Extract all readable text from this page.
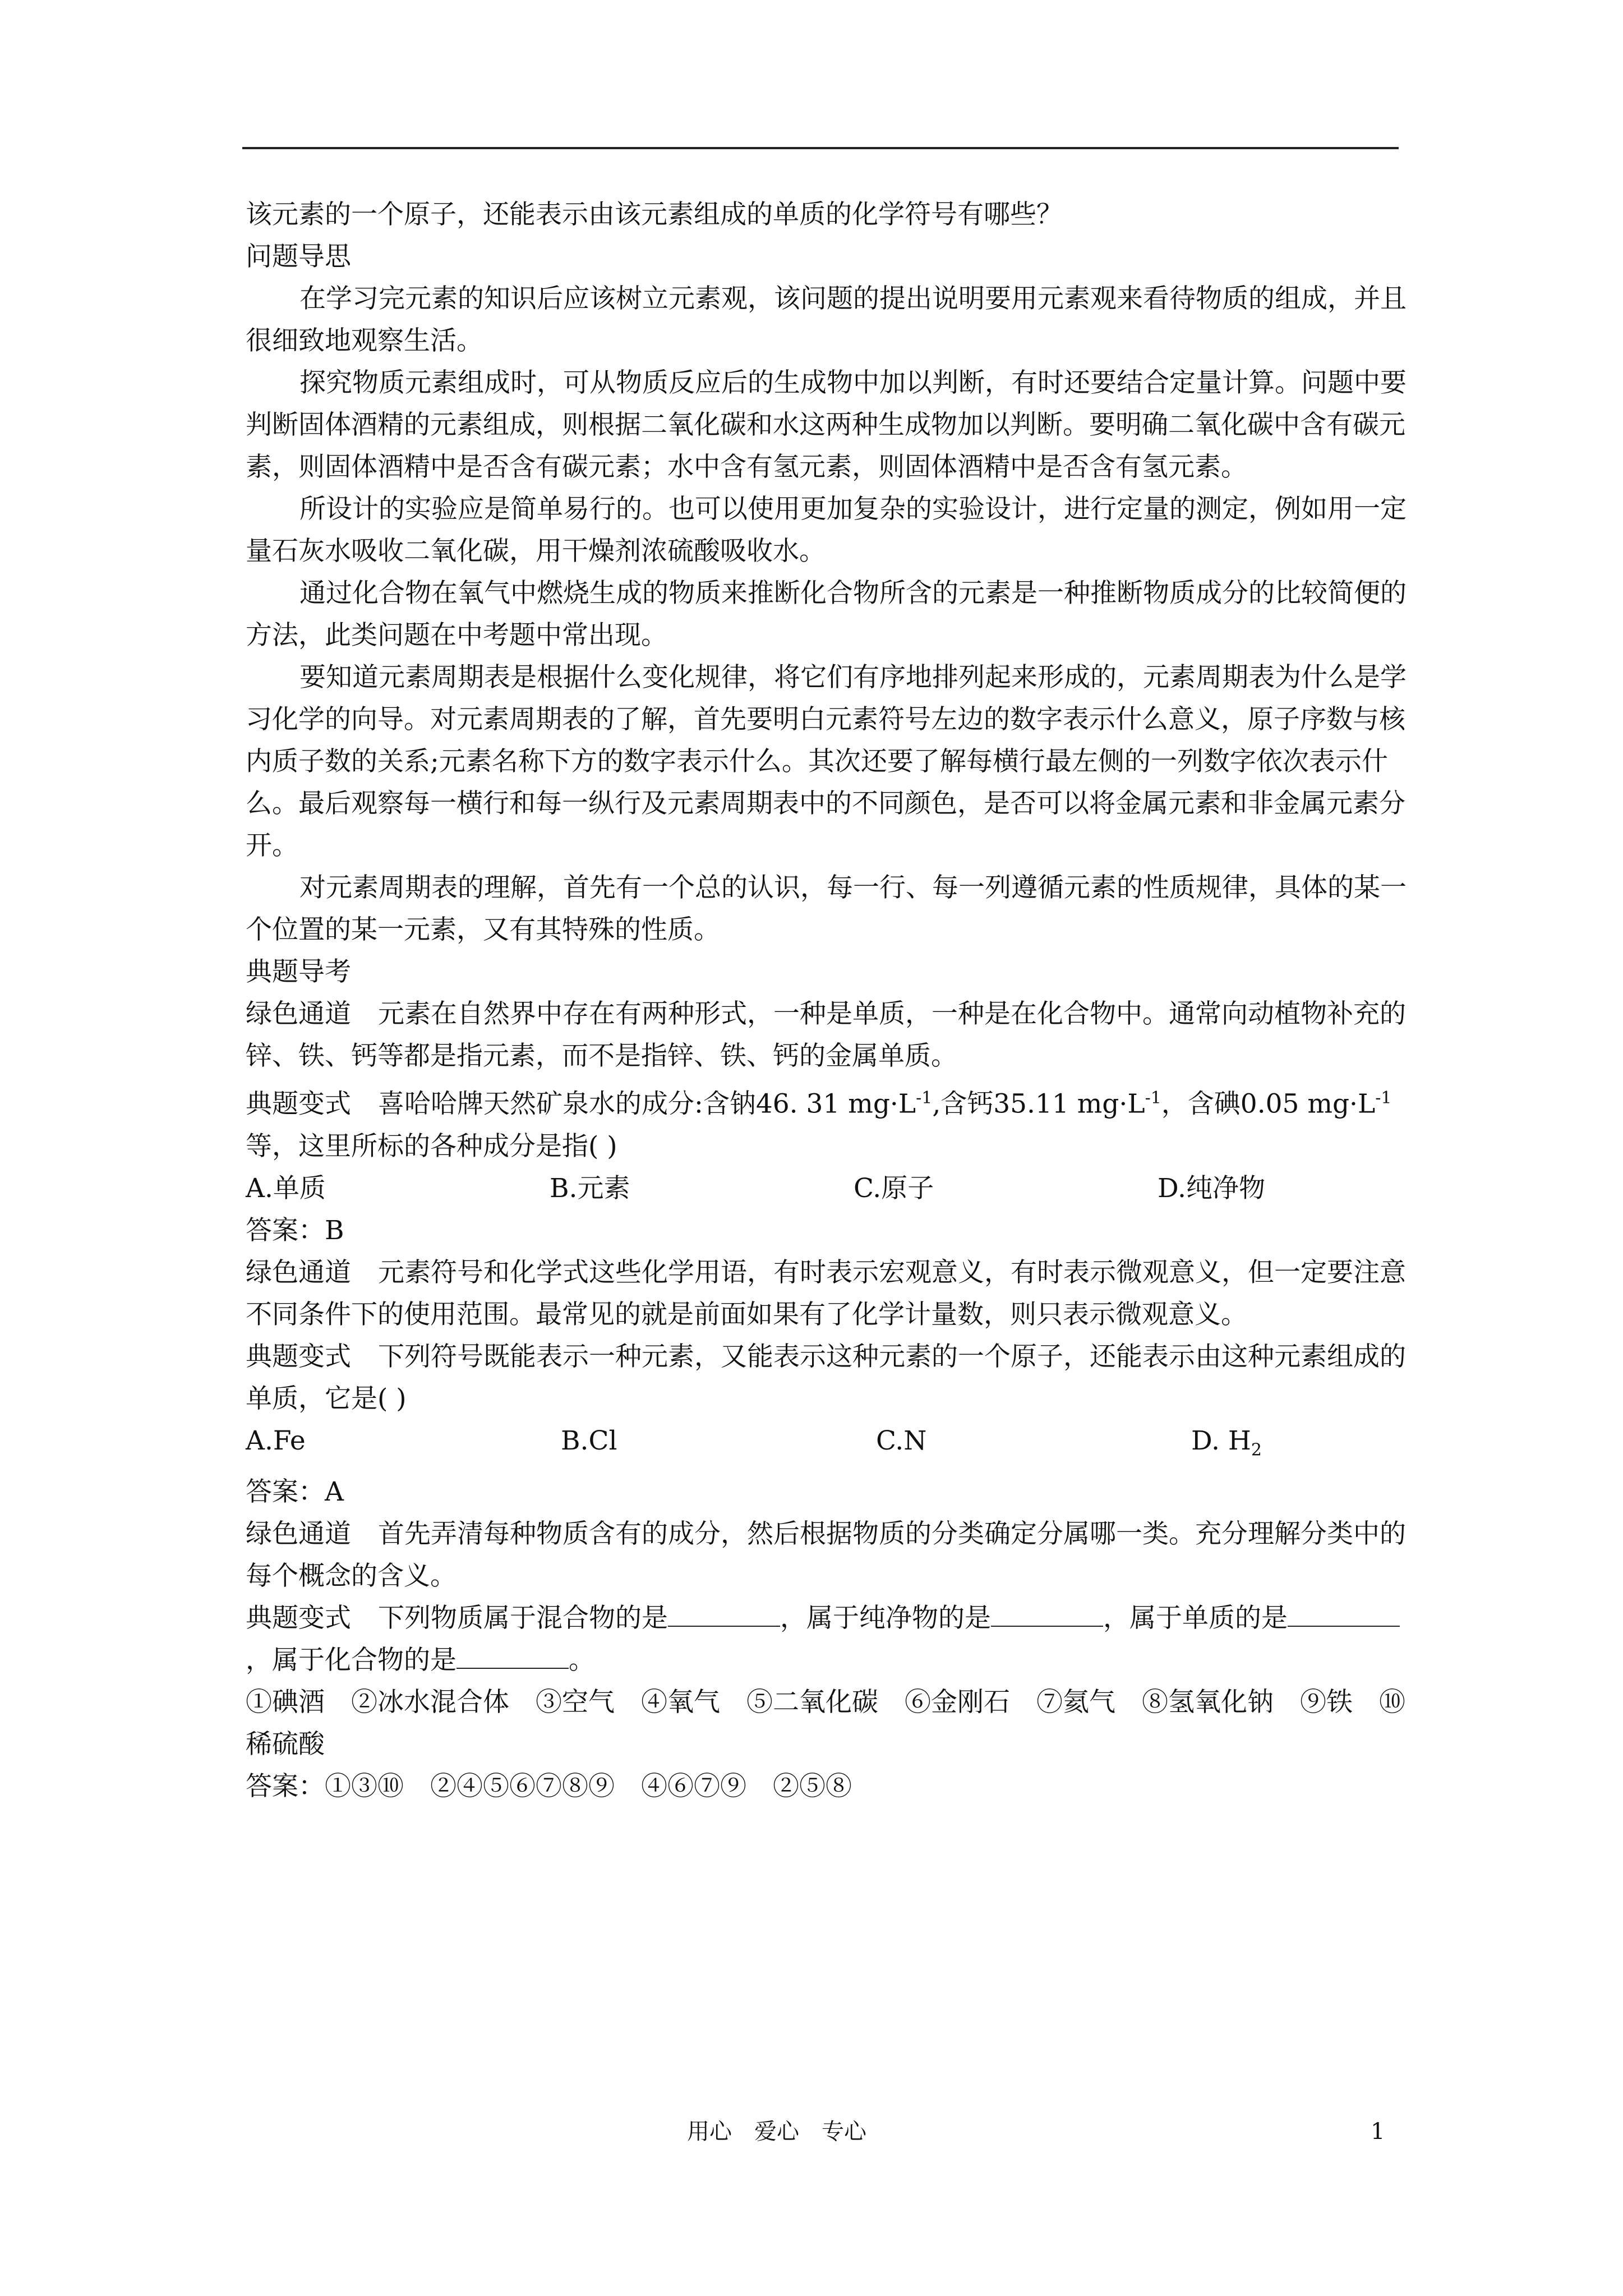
该元素的一个原子，还能表示由该元素组成的单质的化学符号有哪些？

问题导思

在学习完元素的知识后应该树立元素观，该问题的提出说明要用元素观来看待物质的组成，并且很细致地观察生活。

探究物质元素组成时，可从物质反应后的生成物中加以判断，有时还要结合定量计算。问题中要判断固体酒精的元素组成，则根据二氧化碳和水这两种生成物加以判断。要明确二氧化碳中含有碳元素，则固体酒精中是否含有碳元素；水中含有氢元素，则固体酒精中是否含有氢元素。

所设计的实验应是简单易行的。也可以使用更加复杂的实验设计，进行定量的测定，例如用一定量石灰水吸收二氧化碳，用干燥剂浓硫酸吸收水。

通过化合物在氧气中燃烧生成的物质来推断化合物所含的元素是一种推断物质成分的比较简便的方法，此类问题在中考题中常出现。

要知道元素周期表是根据什么变化规律，将它们有序地排列起来形成的，元素周期表为什么是学习化学的向导。对元素周期表的了解，首先要明白元素符号左边的数字表示什么意义，原子序数与核内质子数的关系;元素名称下方的数字表示什么。其次还要了解每横行最左侧的一列数字依次表示什么。最后观察每一横行和每一纵行及元素周期表中的不同颜色，是否可以将金属元素和非金属元素分开。

对元素周期表的理解，首先有一个总的认识，每一行、每一列遵循元素的性质规律，具体的某一个位置的某一元素，又有其特殊的性质。

典题导考

绿色通道 元素在自然界中存在有两种形式，一种是单质，一种是在化合物中。通常向动植物补充的锌、铁、钙等都是指元素，而不是指锌、铁、钙的金属单质。

典题变式 喜哈哈牌天然矿泉水的成分:含钠46. 31 $mg\cdot L^{-1}$,含钙35.11 $mg\cdot L^{-1}$，含碘0.05 $mg\cdot L^{-1}$等，这里所标的各种成分是指( )

A.单质	B.元素	C.原子	D.纯净物

答案：B

绿色通道 元素符号和化学式这些化学用语，有时表示宏观意义，有时表示微观意义，但一定要注意不同条件下的使用范围。最常见的就是前面如果有了化学计量数，则只表示微观意义。

典题变式 下列符号既能表示一种元素，又能表示这种元素的一个原子，还能表示由这种元素组成的单质，它是( )

A.Fe	B.Cl	C.N	D. $H_2$

答案：A

绿色通道 首先弄清每种物质含有的成分，然后根据物质的分类确定分属哪一类。充分理解分类中的每个概念的含义。

典题变式 下列物质属于混合物的是	，属于纯净物的是	，属于单质的是，属于化合物的是	。

①碘酒　②冰水混合体　③空气　④氧气　⑤二氧化碳　⑥金刚石　⑦氦气　⑧氢氧化钠　⑨铁　⑩稀硫酸

答案：①③⑩　②④⑤⑥⑦⑧⑨　④⑥⑦⑨　②⑤⑧

用心　爱心　专心	1
